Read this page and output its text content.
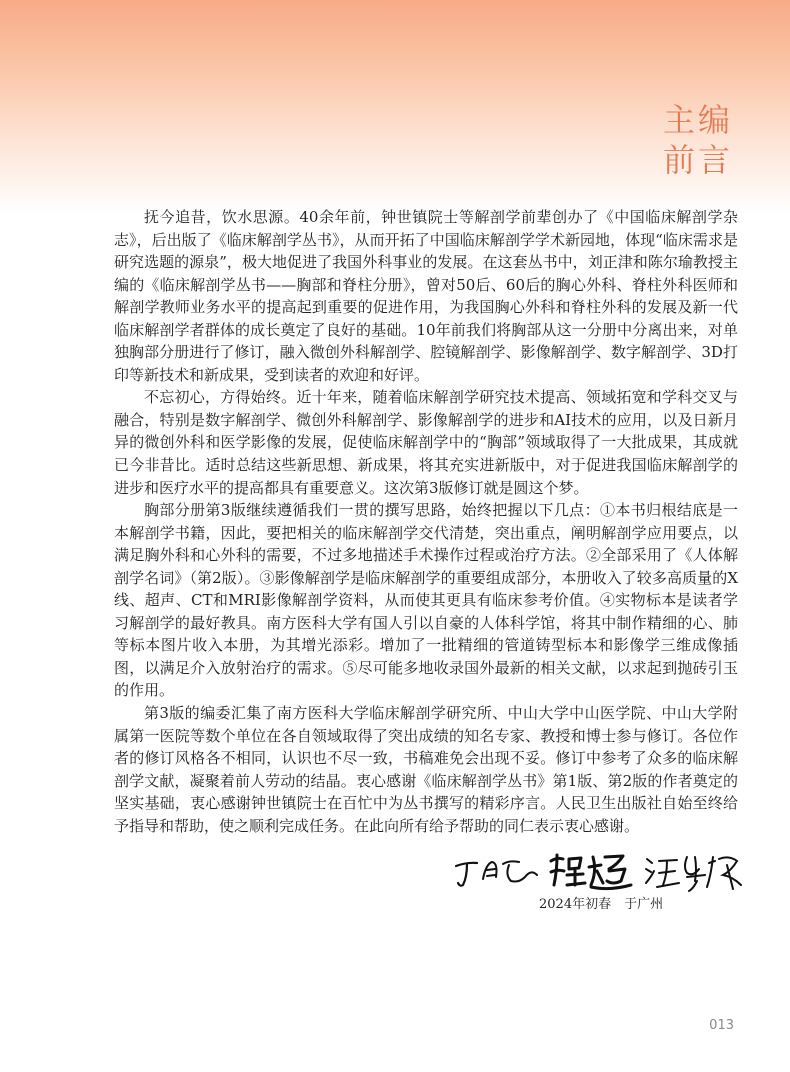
主编
前言

抚今追昔，饮水思源。40余年前，钟世镇院士等解剖学前辈创办了《中国临床解剖学杂志》，后出版了《临床解剖学丛书》，从而开拓了中国临床解剖学学术新园地，体现“临床需求是研究选题的源泉”，极大地促进了我国外科事业的发展。在这套丛书中，刘正津和陈尔瑜教授主编的《临床解剖学丛书——胸部和脊柱分册》，曾对50后、60后的胸心外科、脊柱外科医师和解剖学教师业务水平的提高起到重要的促进作用，为我国胸心外科和脊柱外科的发展及新一代临床解剖学者群体的成长奠定了良好的基础。10年前我们将胸部从这一分册中分离出来，对单独胸部分册进行了修订，融入微创外科解剖学、腔镜解剖学、影像解剖学、数字解剖学、3D打印等新技术和新成果，受到读者的欢迎和好评。

不忘初心，方得始终。近十年来，随着临床解剖学研究技术提高、领域拓宽和学科交叉与融合，特别是数字解剖学、微创外科解剖学、影像解剖学的进步和AI技术的应用，以及日新月异的微创外科和医学影像的发展，促使临床解剖学中的“胸部”领域取得了一大批成果，其成就已今非昔比。适时总结这些新思想、新成果，将其充实进新版中，对于促进我国临床解剖学的进步和医疗水平的提高都具有重要意义。这次第3版修订就是圆这个梦。

胸部分册第3版继续遵循我们一贯的撰写思路，始终把握以下几点：①本书归根结底是一本解剖学书籍，因此，要把相关的临床解剖学交代清楚，突出重点，阐明解剖学应用要点，以满足胸外科和心外科的需要，不过多地描述手术操作过程或治疗方法。②全部采用了《人体解剖学名词》（第2版）。③影像解剖学是临床解剖学的重要组成部分，本册收入了较多高质量的X线、超声、CT和MRI影像解剖学资料，从而使其更具有临床参考价值。④实物标本是读者学习解剖学的最好教具。南方医科大学有国人引以自豪的人体科学馆，将其中制作精细的心、肺等标本图片收入本册，为其增光添彩。增加了一批精细的管道铸型标本和影像学三维成像插图，以满足介入放射治疗的需求。⑤尽可能多地收录国外最新的相关文献，以求起到抛砖引玉的作用。

第3版的编委汇集了南方医科大学临床解剖学研究所、中山大学中山医学院、中山大学附属第一医院等数个单位在各自领域取得了突出成绩的知名专家、教授和博士参与修订。各位作者的修订风格各不相同，认识也不尽一致，书稿难免会出现不妥。修订中参考了众多的临床解剖学文献，凝聚着前人劳动的结晶。衷心感谢《临床解剖学丛书》第1版、第2版的作者奠定的坚实基础，衷心感谢钟世镇院士在百忙中为丛书撰写的精彩序言。人民卫生出版社自始至终给予指导和帮助，使之顺利完成任务。在此向所有给予帮助的同仁表示衷心感谢。

丁自海
程超
汪华侨
2024年初春　于广州
013
